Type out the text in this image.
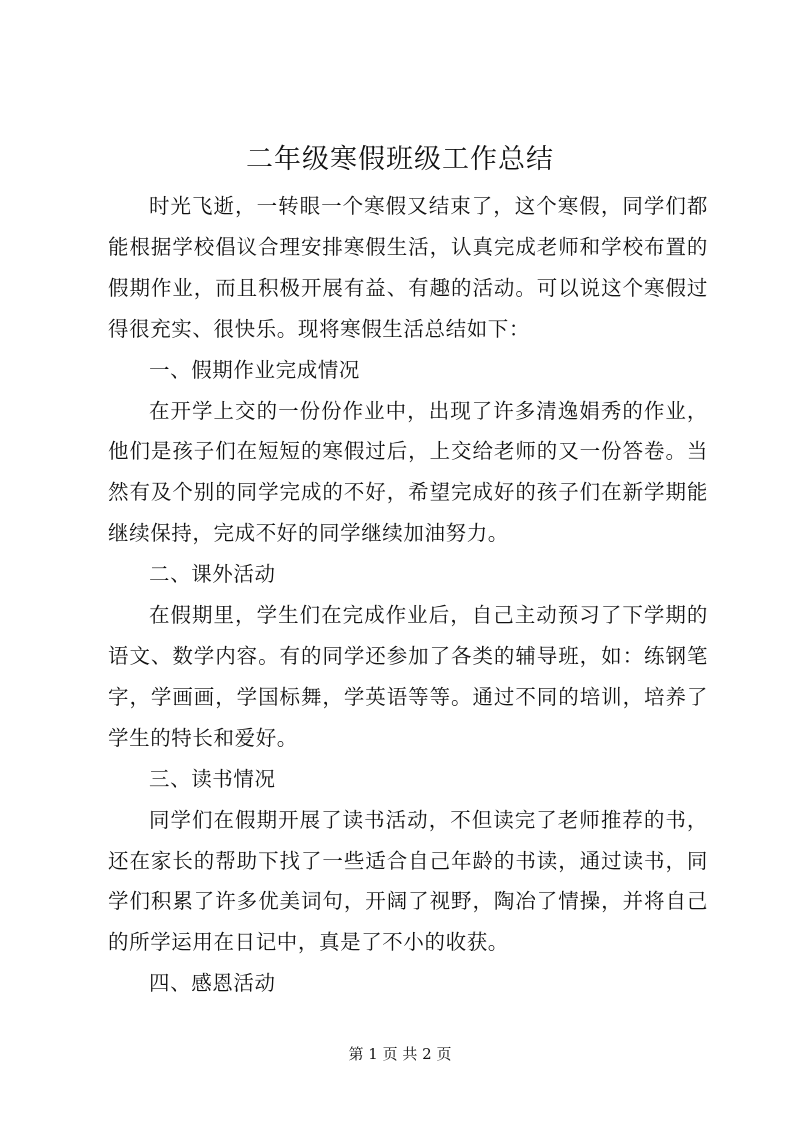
二年级寒假班级工作总结

时光飞逝，一转眼一个寒假又结束了，这个寒假，同学们都能根据学校倡议合理安排寒假生活，认真完成老师和学校布置的假期作业，而且积极开展有益、有趣的活动。可以说这个寒假过得很充实、很快乐。现将寒假生活总结如下：

一、假期作业完成情况

在开学上交的一份份作业中，出现了许多清逸娟秀的作业，他们是孩子们在短短的寒假过后，上交给老师的又一份答卷。当然有及个别的同学完成的不好，希望完成好的孩子们在新学期能继续保持，完成不好的同学继续加油努力。

二、课外活动

在假期里，学生们在完成作业后，自己主动预习了下学期的语文、数学内容。有的同学还参加了各类的辅导班，如：练钢笔字，学画画，学国标舞，学英语等等。通过不同的培训，培养了学生的特长和爱好。

三、读书情况

同学们在假期开展了读书活动，不但读完了老师推荐的书，还在家长的帮助下找了一些适合自己年龄的书读，通过读书，同学们积累了许多优美词句，开阔了视野，陶冶了情操，并将自己的所学运用在日记中，真是了不小的收获。

四、感恩活动

第 1 页 共 2 页
